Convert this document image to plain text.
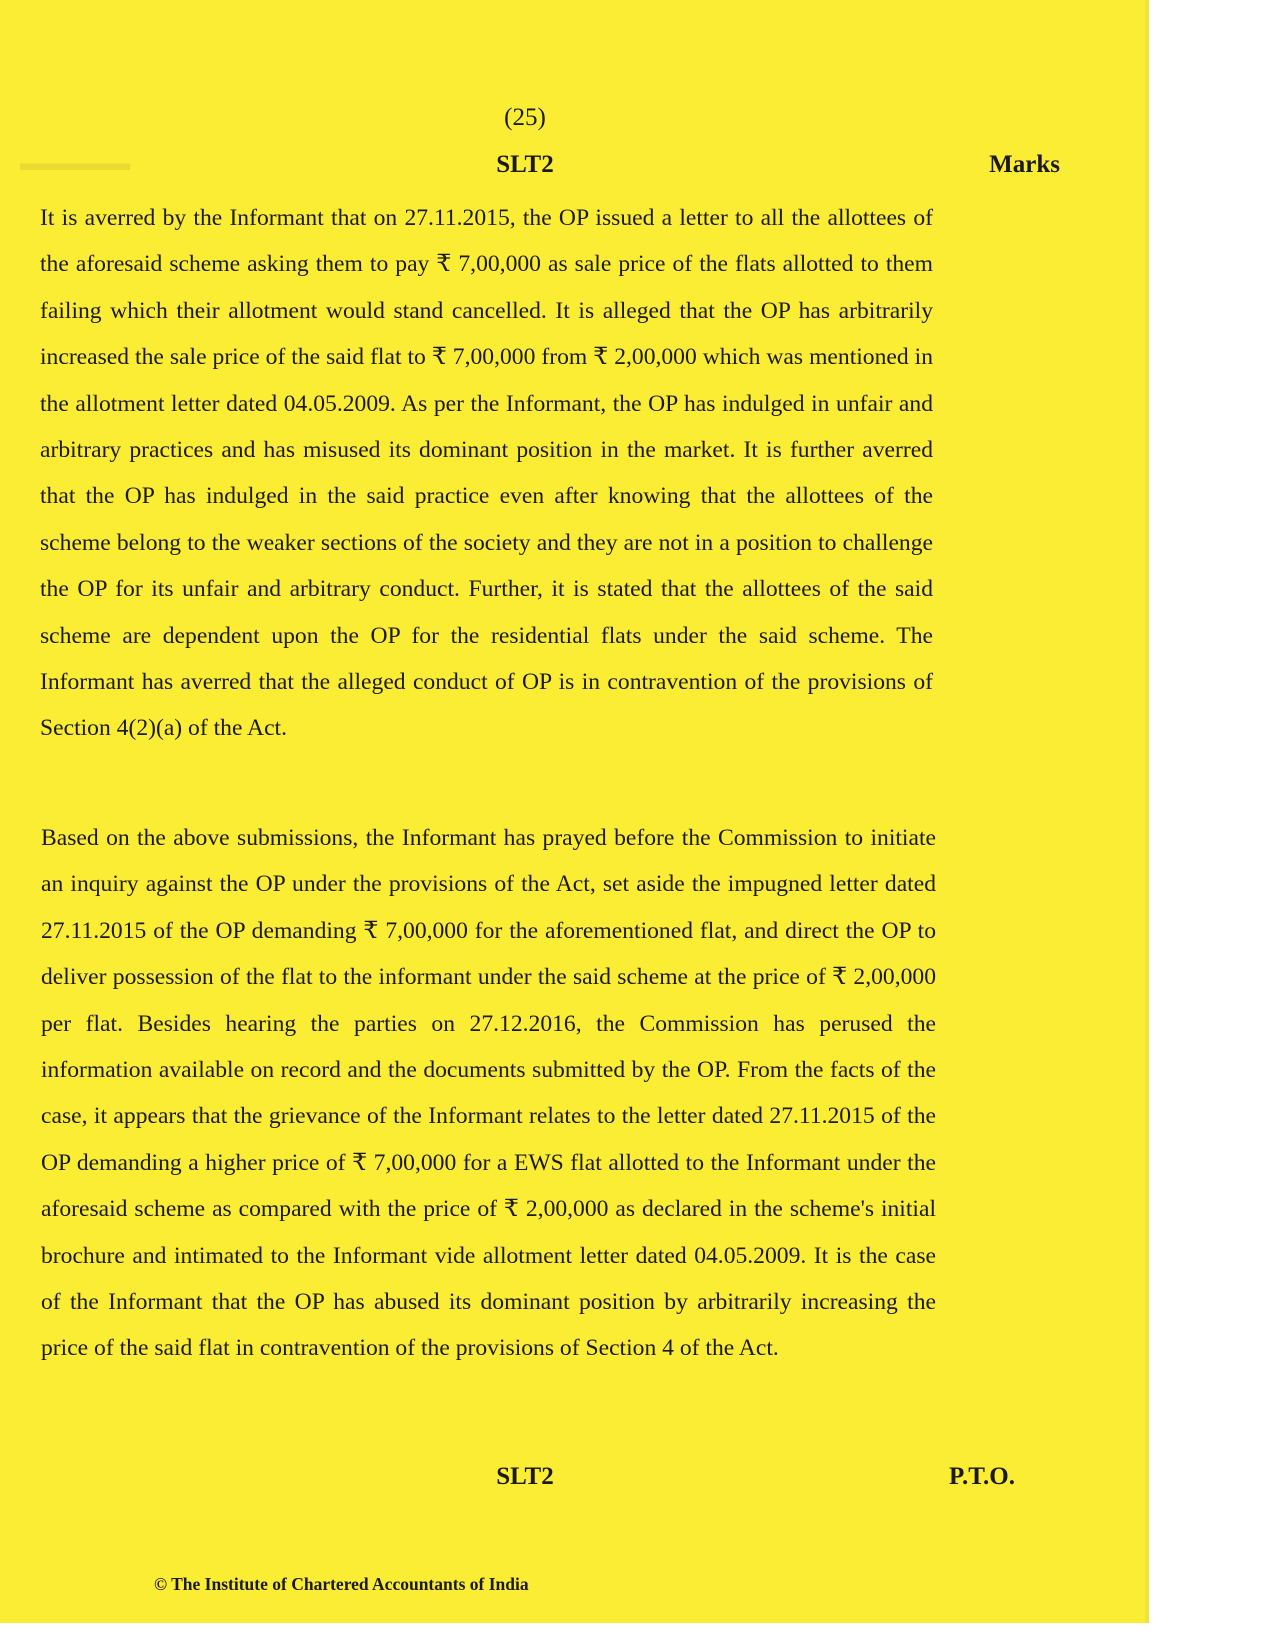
(25)
SLT2	Marks

It is averred by the Informant that on 27.11.2015, the OP issued a letter to all the allottees of the aforesaid scheme asking them to pay ₹ 7,00,000 as sale price of the flats allotted to them failing which their allotment would stand cancelled. It is alleged that the OP has arbitrarily increased the sale price of the said flat to ₹ 7,00,000 from ₹ 2,00,000 which was mentioned in the allotment letter dated 04.05.2009. As per the Informant, the OP has indulged in unfair and arbitrary practices and has misused its dominant position in the market. It is further averred that the OP has indulged in the said practice even after knowing that the allottees of the scheme belong to the weaker sections of the society and they are not in a position to challenge the OP for its unfair and arbitrary conduct. Further, it is stated that the allottees of the said scheme are dependent upon the OP for the residential flats under the said scheme. The Informant has averred that the alleged conduct of OP is in contravention of the provisions of Section 4(2)(a) of the Act.

Based on the above submissions, the Informant has prayed before the Commission to initiate an inquiry against the OP under the provisions of the Act, set aside the impugned letter dated 27.11.2015 of the OP demanding ₹ 7,00,000 for the aforementioned flat, and direct the OP to deliver possession of the flat to the informant under the said scheme at the price of ₹ 2,00,000 per flat. Besides hearing the parties on 27.12.2016, the Commission has perused the information available on record and the documents submitted by the OP. From the facts of the case, it appears that the grievance of the Informant relates to the letter dated 27.11.2015 of the OP demanding a higher price of ₹ 7,00,000 for a EWS flat allotted to the Informant under the aforesaid scheme as compared with the price of ₹ 2,00,000 as declared in the scheme's initial brochure and intimated to the Informant vide allotment letter dated 04.05.2009. It is the case of the Informant that the OP has abused its dominant position by arbitrarily increasing the price of the said flat in contravention of the provisions of Section 4 of the Act.

SLT2	P.T.O.
© The Institute of Chartered Accountants of India
